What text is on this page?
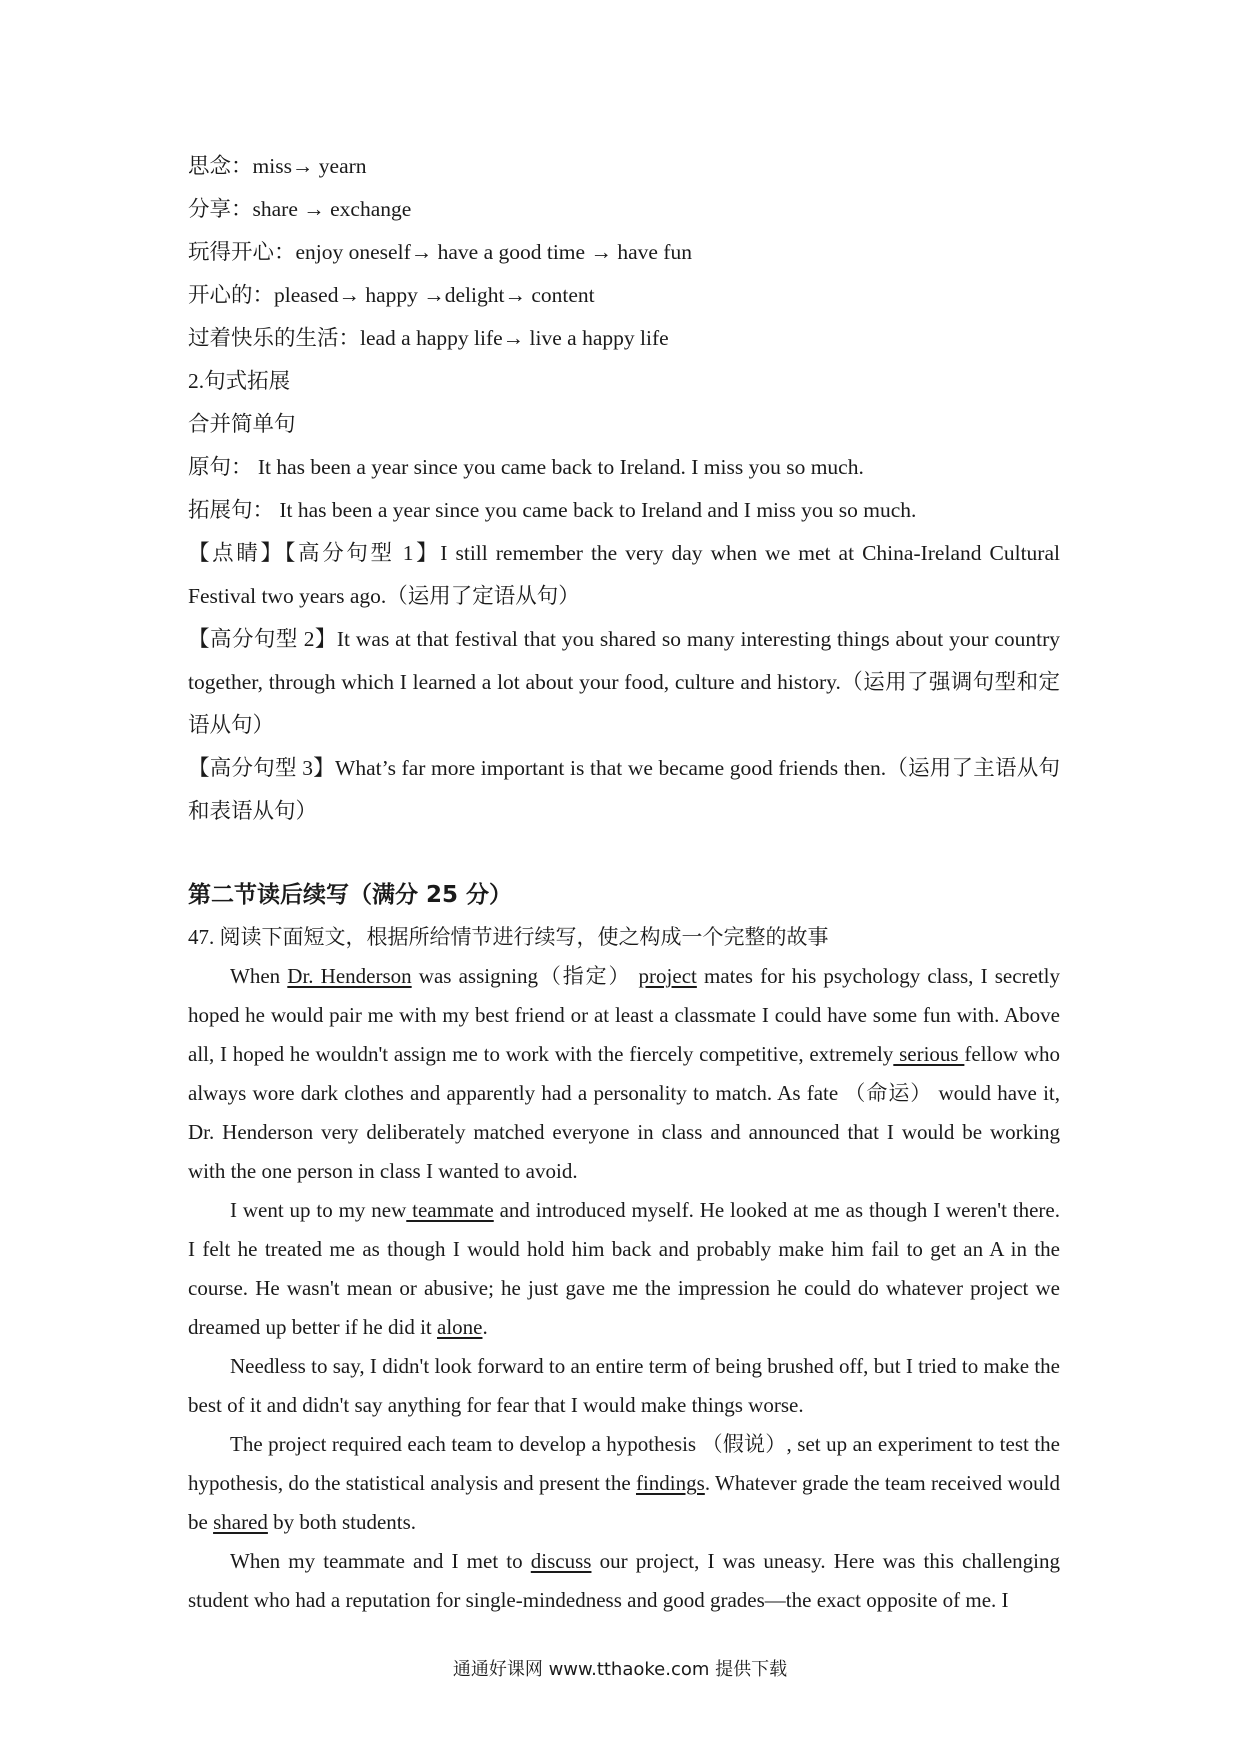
思念：miss→ yearn
分享：share → exchange
玩得开心：enjoy oneself→ have a good time → have fun
开心的：pleased→ happy →delight→ content
过着快乐的生活：lead a happy life→ live a happy life
2.句式拓展
合并简单句
原句： It has been a year since you came back to Ireland. I miss you so much.
拓展句： It has been a year since you came back to Ireland and I miss you so much.
【点睛】【高分句型 1】I still remember the very day when we met at China-Ireland Cultural Festival two years ago.（运用了定语从句）
【高分句型 2】It was at that festival that you shared so many interesting things about your country together, through which I learned a lot about your food, culture and history.（运用了强调句型和定语从句）
【高分句型 3】What’s far more important is that we became good friends then.（运用了主语从句和表语从句）
第二节读后续写（满分 25 分）
47. 阅读下面短文，根据所给情节进行续写，使之构成一个完整的故事

When Dr. Henderson was assigning（指定） project mates for his psychology class, I secretly hoped he would pair me with my best friend or at least a classmate I could have some fun with. Above all, I hoped he wouldn't assign me to work with the fiercely competitive, extremely serious fellow who always wore dark clothes and apparently had a personality to match. As fate （命运） would have it, Dr. Henderson very deliberately matched everyone in class and announced that I would be working with the one person in class I wanted to avoid.

I went up to my new teammate and introduced myself. He looked at me as though I weren't there. I felt he treated me as though I would hold him back and probably make him fail to get an A in the course. He wasn't mean or abusive; he just gave me the impression he could do whatever project we dreamed up better if he did it alone.

Needless to say, I didn't look forward to an entire term of being brushed off, but I tried to make the best of it and didn't say anything for fear that I would make things worse.

The project required each team to develop a hypothesis （假说）, set up an experiment to test the hypothesis, do the statistical analysis and present the findings. Whatever grade the team received would be shared by both students.

When my teammate and I met to discuss our project, I was uneasy. Here was this challenging student who had a reputation for single-mindedness and good grades—the exact opposite of me. I

通通好课网 www.tthaoke.com 提供下载
